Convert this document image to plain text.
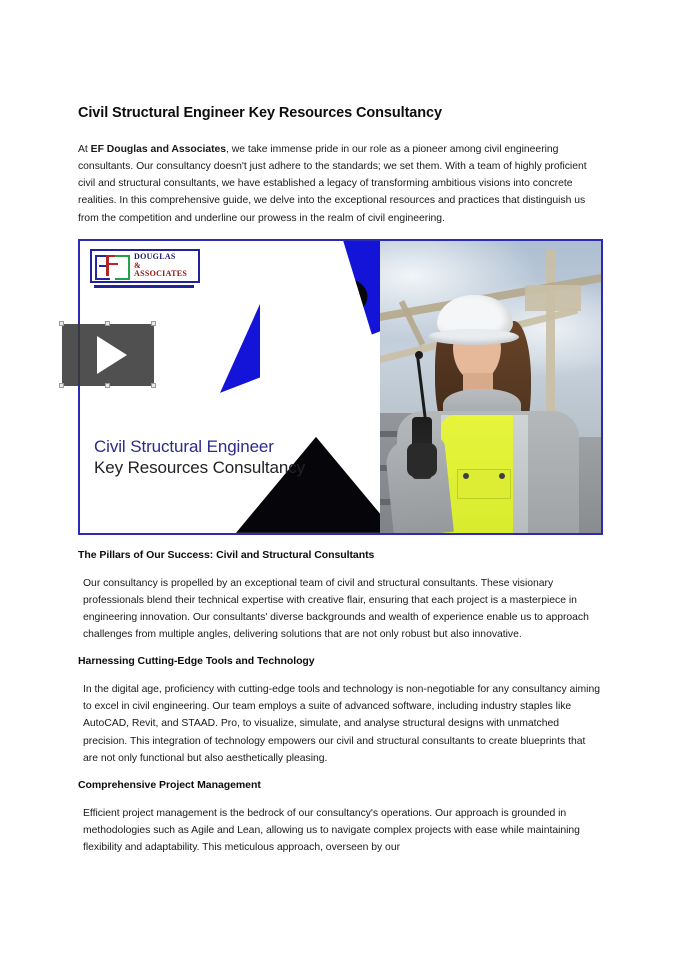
Civil Structural Engineer Key Resources Consultancy

At EF Douglas and Associates, we take immense pride in our role as a pioneer among civil engineering consultants. Our consultancy doesn't just adhere to the standards; we set them. With a team of highly proficient civil and structural consultants, we have established a legacy of transforming ambitious visions into concrete realities. In this comprehensive guide, we delve into the exceptional resources and practices that distinguish us from the competition and underline our prowess in the realm of civil engineering.

DOUGLAS
& ASSOCIATES
Civil Structural Engineer
Key Resources Consultancy
The Pillars of Our Success: Civil and Structural Consultants

Our consultancy is propelled by an exceptional team of civil and structural consultants. These visionary professionals blend their technical expertise with creative flair, ensuring that each project is a masterpiece in engineering innovation. Our consultants' diverse backgrounds and wealth of experience enable us to approach challenges from multiple angles, delivering solutions that are not only robust but also innovative.

Harnessing Cutting-Edge Tools and Technology

In the digital age, proficiency with cutting-edge tools and technology is non-negotiable for any consultancy aiming to excel in civil engineering. Our team employs a suite of advanced software, including industry staples like AutoCAD, Revit, and STAAD. Pro, to visualize, simulate, and analyse structural designs with unmatched precision. This integration of technology empowers our civil and structural consultants to create blueprints that are not only functional but also aesthetically pleasing.

Comprehensive Project Management

Efficient project management is the bedrock of our consultancy's operations. Our approach is grounded in methodologies such as Agile and Lean, allowing us to navigate complex projects with ease while maintaining flexibility and adaptability. This meticulous approach, overseen by our
